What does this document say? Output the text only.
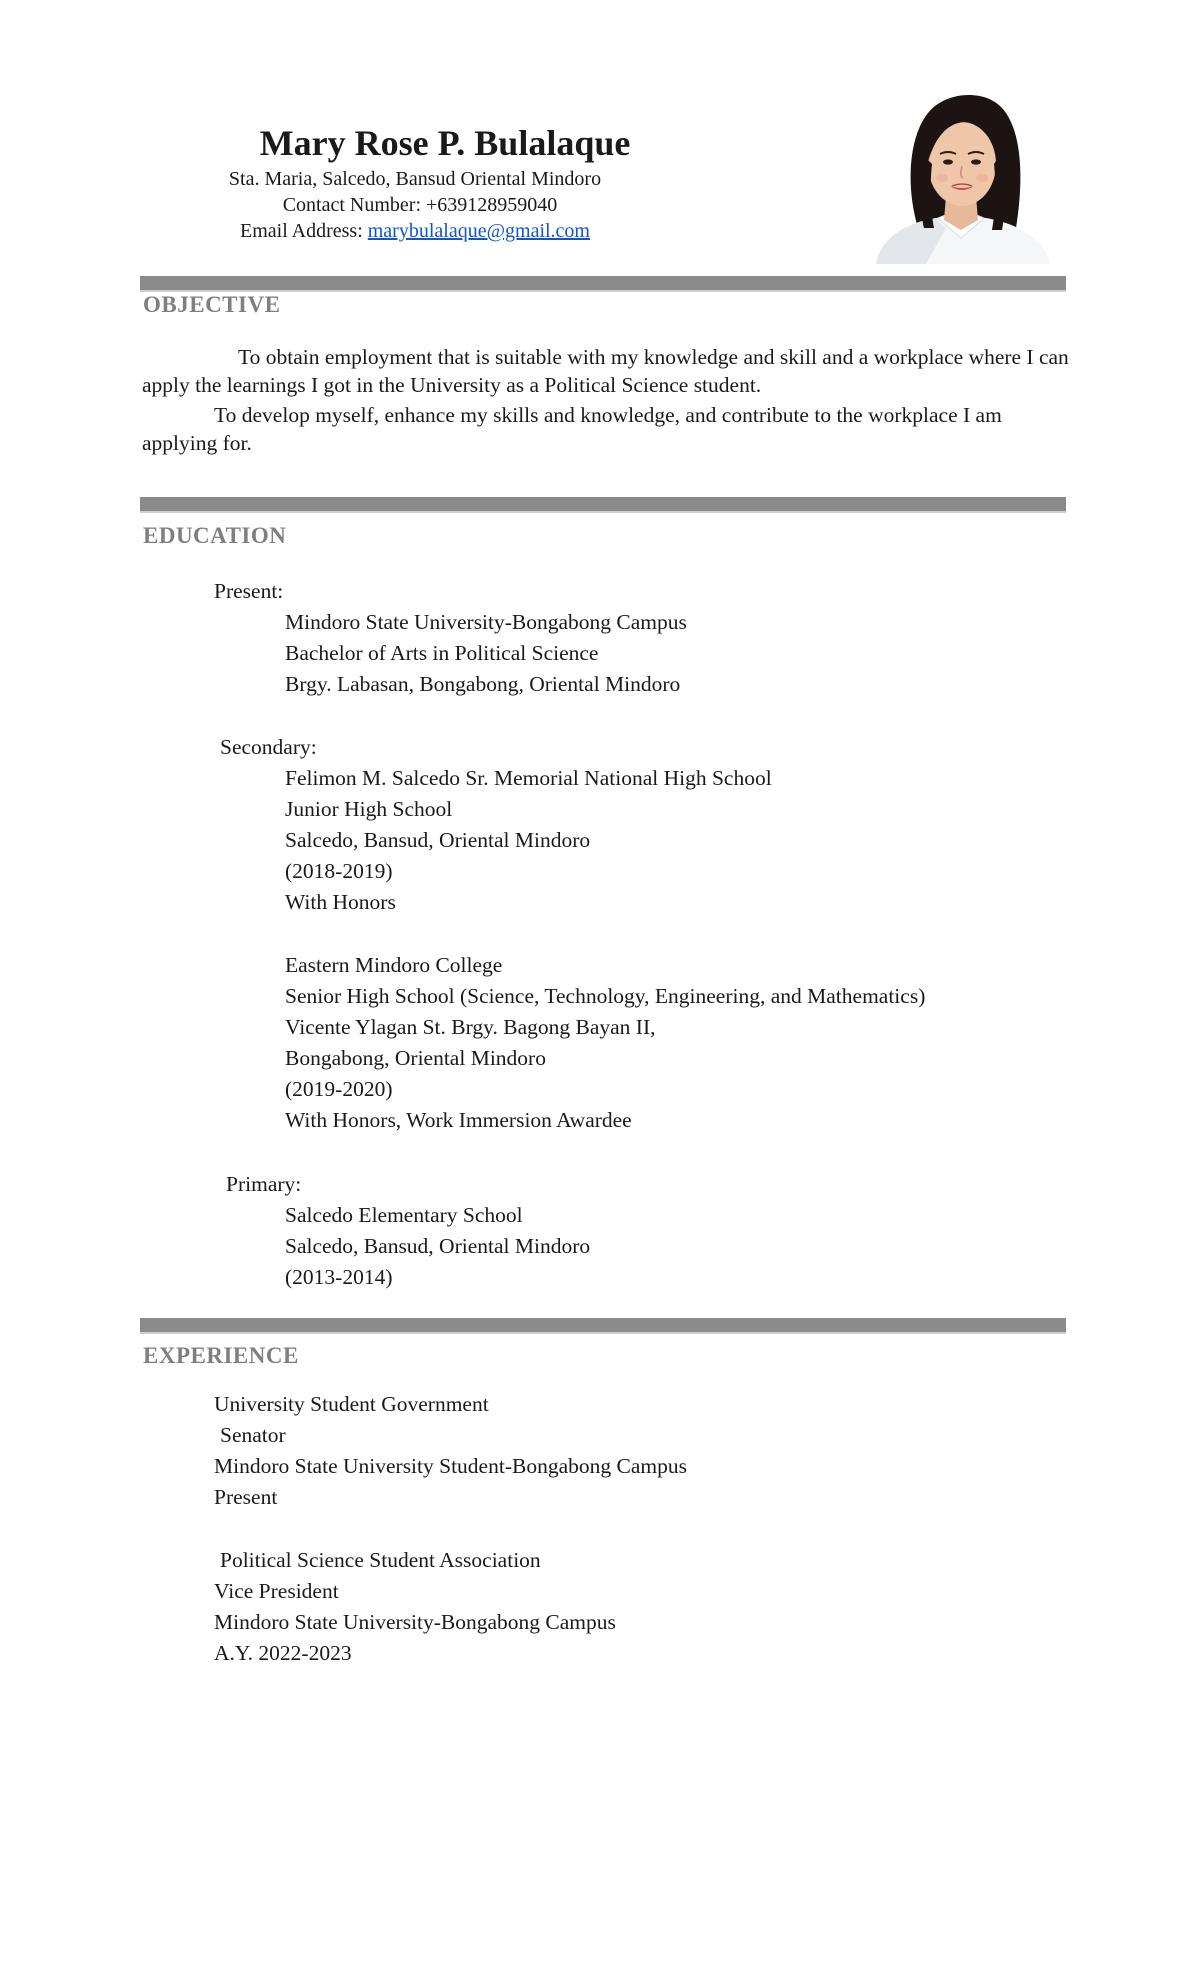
Mary Rose P. Bulalaque

Sta. Maria, Salcedo, Bansud Oriental Mindoro

Contact Number: +639128959040

Email Address: marybulalaque@gmail.com

OBJECTIVE

To obtain employment that is suitable with my knowledge and skill and a workplace where I can apply the learnings I got in the University as a Political Science student.

To develop myself, enhance my skills and knowledge, and contribute to the workplace I am applying for.

EDUCATION
Present:
Mindoro State University-Bongabong Campus
Bachelor of Arts in Political Science
Brgy. Labasan, Bongabong, Oriental Mindoro
Secondary:
Felimon M. Salcedo Sr. Memorial National High School
Junior High School
Salcedo, Bansud, Oriental Mindoro
(2018-2019)
With Honors
Eastern Mindoro College
Senior High School (Science, Technology, Engineering, and Mathematics)
Vicente Ylagan St. Brgy. Bagong Bayan II,
Bongabong, Oriental Mindoro
(2019-2020)
With Honors, Work Immersion Awardee
Primary:
Salcedo Elementary School
Salcedo, Bansud, Oriental Mindoro
(2013-2014)
EXPERIENCE
University Student Government
Senator
Mindoro State University Student-Bongabong Campus
Present
Political Science Student Association
Vice President
Mindoro State University-Bongabong Campus
A.Y. 2022-2023
